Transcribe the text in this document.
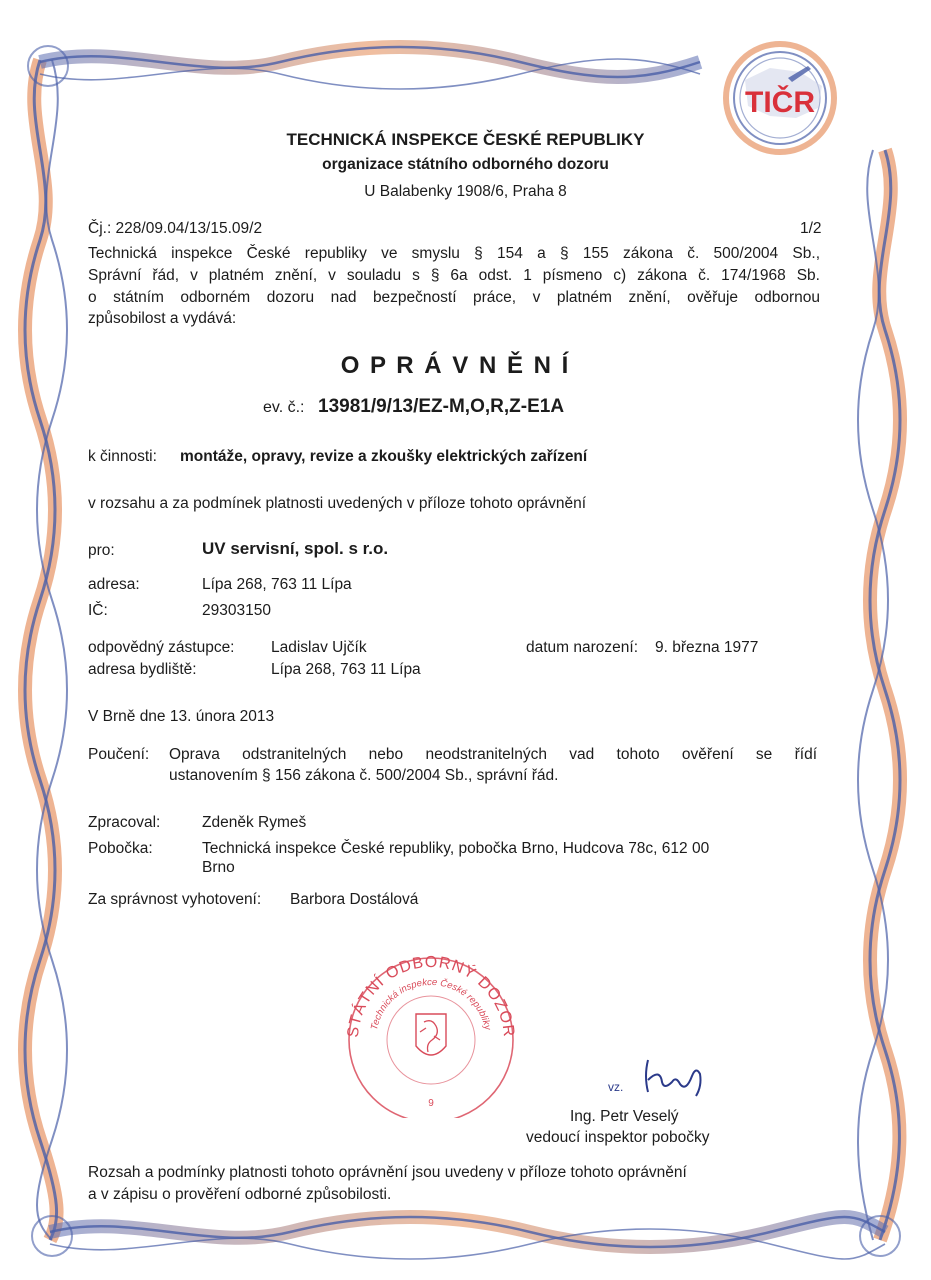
TIČR
TECHNICKÁ INSPEKCE ČESKÉ REPUBLIKY
organizace státního odborného dozoru
U Balabenky 1908/6, Praha 8
Čj.: 228/09.04/13/15.09/2	1/2
Technická inspekce České republiky ve smyslu § 154 a § 155 zákona č. 500/2004 Sb.,
Správní řád, v platném znění, v souladu s § 6a odst. 1 písmeno c) zákona č. 174/1968 Sb.
o státním odborném dozoru nad bezpečností práce, v platném znění, ověřuje odbornou
způsobilost a vydává:
O P R Á V N Ě N Í
ev. č.: 13981/9/13/EZ-M,O,R,Z-E1A
k činnosti: montáže, opravy, revize a zkoušky elektrických zařízení
v rozsahu a za podmínek platnosti uvedených v příloze tohoto oprávnění
pro:	UV servisní, spol. s r.o.
adresa:	Lípa 268, 763 11 Lípa
IČ:	29303150
odpovědný zástupce: Ladislav Ujčík	datum narození: 9. března 1977
adresa bydliště:	Lípa 268, 763 11 Lípa
V Brně dne 13. února 2013
Poučení: Oprava odstranitelných nebo neodstranitelných vad tohoto ověření se řídí
ustanovením § 156 zákona č. 500/2004 Sb., správní řád.
Zpracoval:	Zdeněk Rymeš
Pobočka:	Technická inspekce České republiky, pobočka Brno, Hudcova 78c, 612 00
Brno
Za správnost vyhotovení: Barbora Dostálová
STÁTNÍ ODBORNÝ DOZOR
Technická inspekce České republiky
9
vz.
Ing. Petr Veselý
vedoucí inspektor pobočky
Rozsah a podmínky platnosti tohoto oprávnění jsou uvedeny v příloze tohoto oprávnění
a v zápisu o prověření odborné způsobilosti.
